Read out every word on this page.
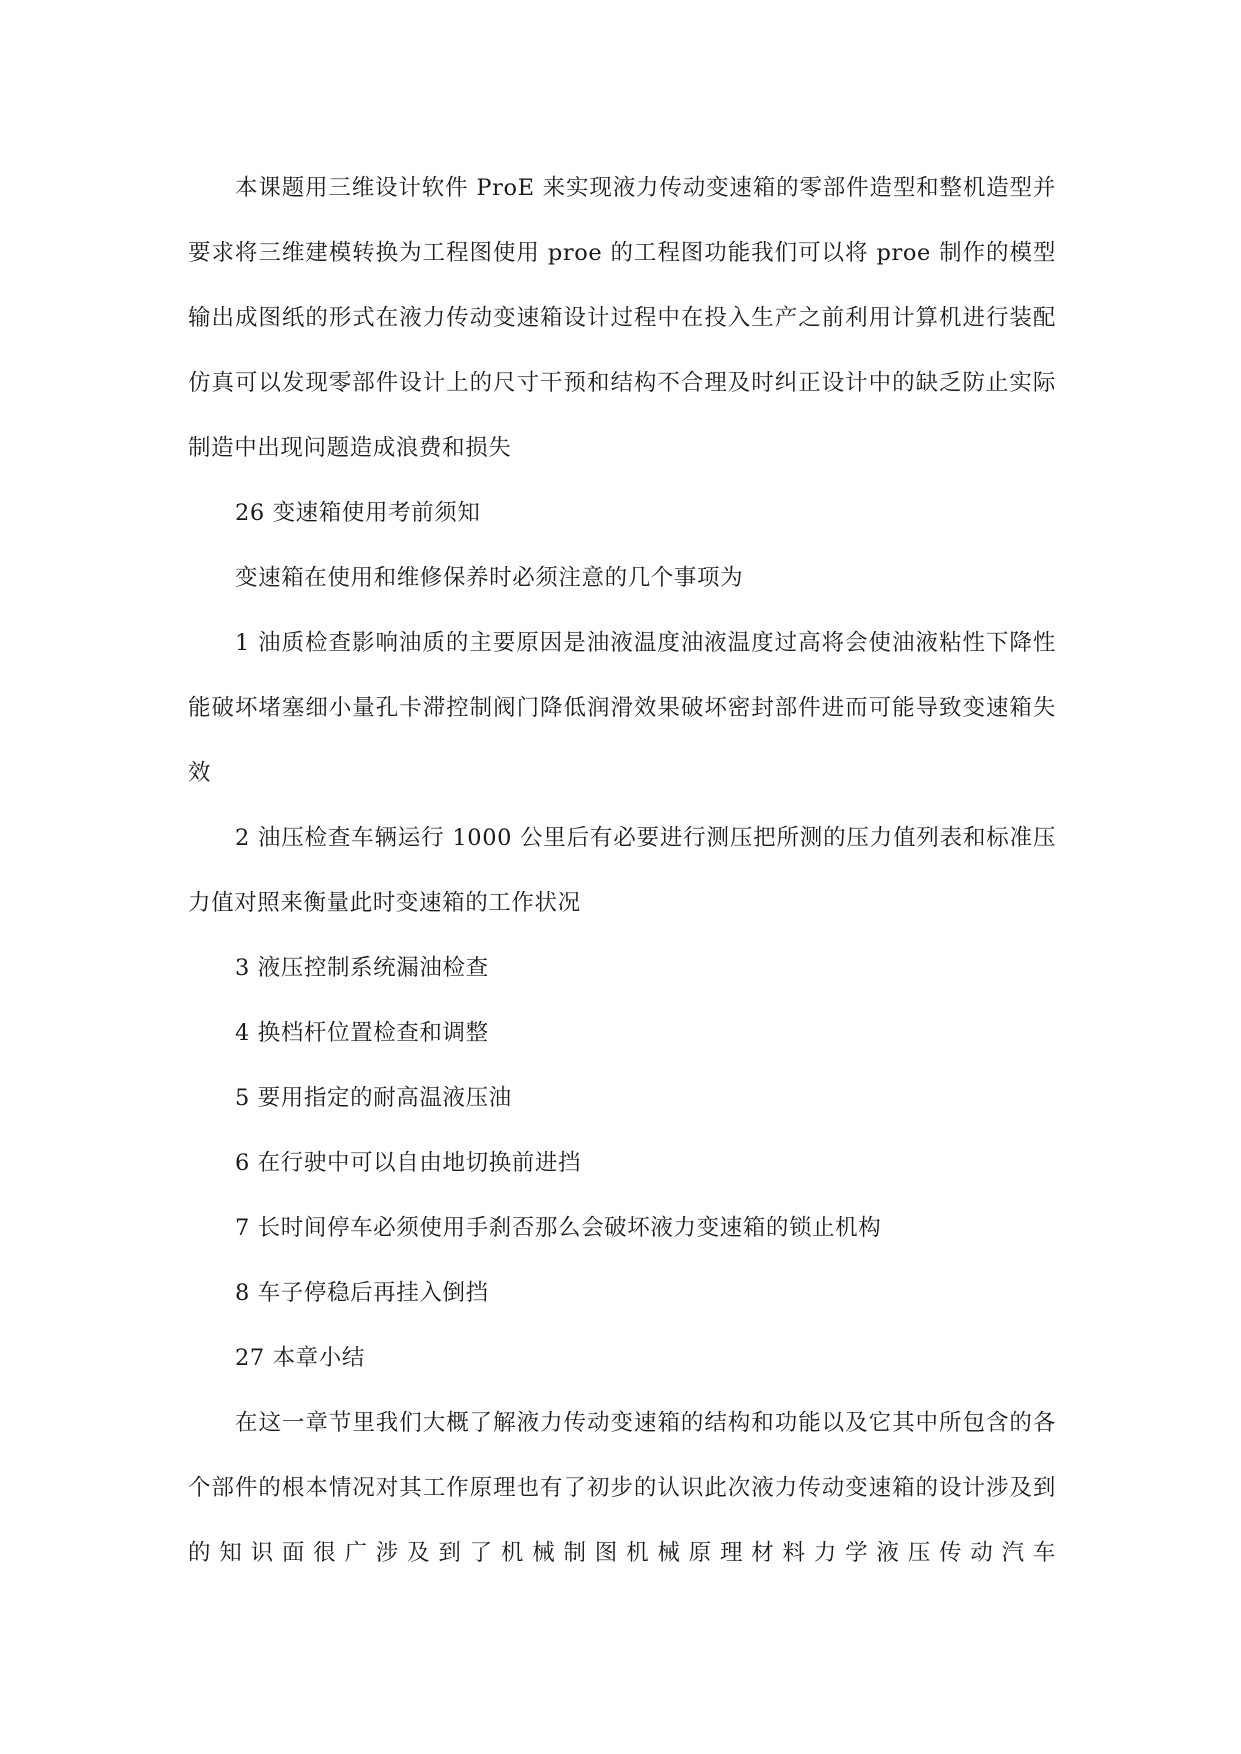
本课题用三维设计软件 ProE 来实现液力传动变速箱的零部件造型和整机造型并要求将三维建模转换为工程图使用 proe 的工程图功能我们可以将 proe 制作的模型输出成图纸的形式在液力传动变速箱设计过程中在投入生产之前利用计算机进行装配仿真可以发现零部件设计上的尺寸干预和结构不合理及时纠正设计中的缺乏防止实际制造中出现问题造成浪费和损失

26 变速箱使用考前须知

变速箱在使用和维修保养时必须注意的几个事项为

1 油质检查影响油质的主要原因是油液温度油液温度过高将会使油液粘性下降性能破坏堵塞细小量孔卡滞控制阀门降低润滑效果破坏密封部件进而可能导致变速箱失效

2 油压检查车辆运行 1000 公里后有必要进行测压把所测的压力值列表和标准压力值对照来衡量此时变速箱的工作状况

3 液压控制系统漏油检查

4 换档杆位置检查和调整

5 要用指定的耐高温液压油

6 在行驶中可以自由地切换前进挡

7 长时间停车必须使用手刹否那么会破坏液力变速箱的锁止机构

8 车子停稳后再挂入倒挡

27 本章小结

在这一章节里我们大概了解液力传动变速箱的结构和功能以及它其中所包含的各个部件的根本情况对其工作原理也有了初步的认识此次液力传动变速箱的设计涉及到的知识面很广涉及到了机械制图机械原理材料力学液压传动汽车
